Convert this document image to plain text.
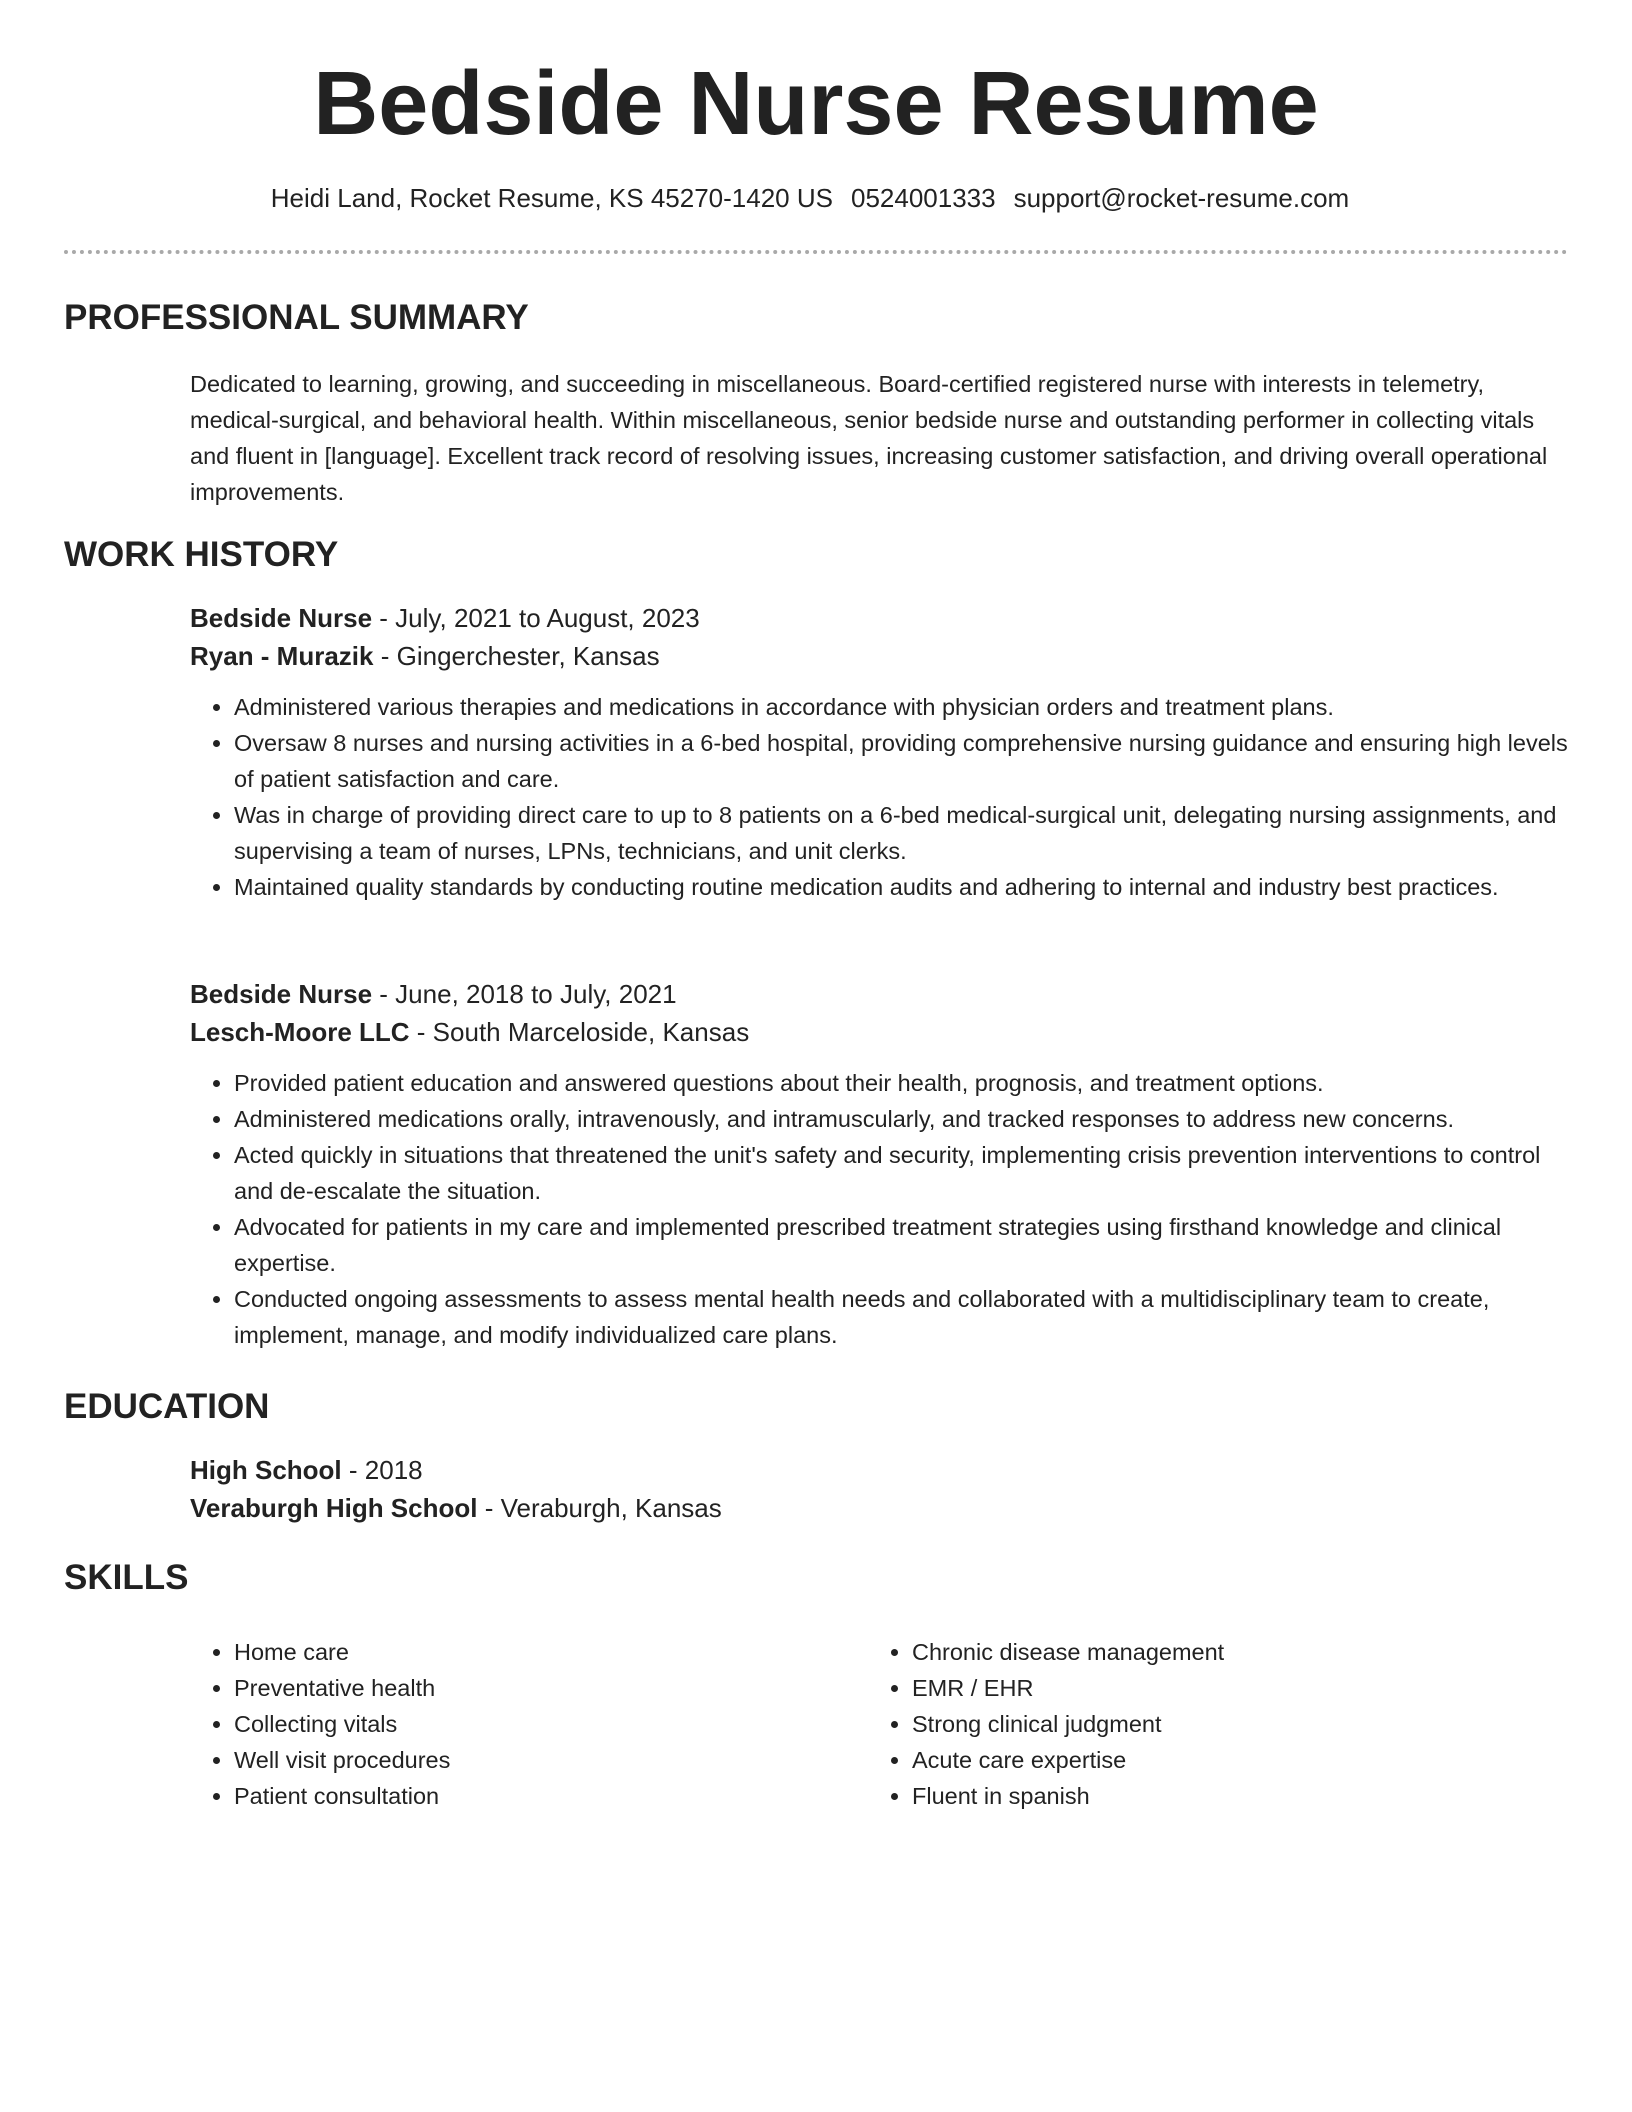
Bedside Nurse Resume
Heidi Land, Rocket Resume, KS 45270-1420 US 0524001333 support@rocket-resume.com
PROFESSIONAL SUMMARY

Dedicated to learning, growing, and succeeding in miscellaneous. Board-certified registered nurse with interests in telemetry, medical-surgical, and behavioral health. Within miscellaneous, senior bedside nurse and outstanding performer in collecting vitals and fluent in [language]. Excellent track record of resolving issues, increasing customer satisfaction, and driving overall operational improvements.

WORK HISTORY
Bedside Nurse - July, 2021 to August, 2023
Ryan - Murazik - Gingerchester, Kansas
• Administered various therapies and medications in accordance with physician orders and treatment plans.
• Oversaw 8 nurses and nursing activities in a 6-bed hospital, providing comprehensive nursing guidance and ensuring high levels of patient satisfaction and care.
• Was in charge of providing direct care to up to 8 patients on a 6-bed medical-surgical unit, delegating nursing assignments, and supervising a team of nurses, LPNs, technicians, and unit clerks.
• Maintained quality standards by conducting routine medication audits and adhering to internal and industry best practices.
Bedside Nurse - June, 2018 to July, 2021
Lesch-Moore LLC - South Marceloside, Kansas
• Provided patient education and answered questions about their health, prognosis, and treatment options.
• Administered medications orally, intravenously, and intramuscularly, and tracked responses to address new concerns.
• Acted quickly in situations that threatened the unit's safety and security, implementing crisis prevention interventions to control and de-escalate the situation.
• Advocated for patients in my care and implemented prescribed treatment strategies using firsthand knowledge and clinical expertise.
• Conducted ongoing assessments to assess mental health needs and collaborated with a multidisciplinary team to create, implement, manage, and modify individualized care plans.
EDUCATION
High School - 2018
Veraburgh High School - Veraburgh, Kansas
SKILLS
• Home care
• Preventative health
• Collecting vitals
• Well visit procedures
• Patient consultation
• Chronic disease management
• EMR / EHR
• Strong clinical judgment
• Acute care expertise
• Fluent in spanish
